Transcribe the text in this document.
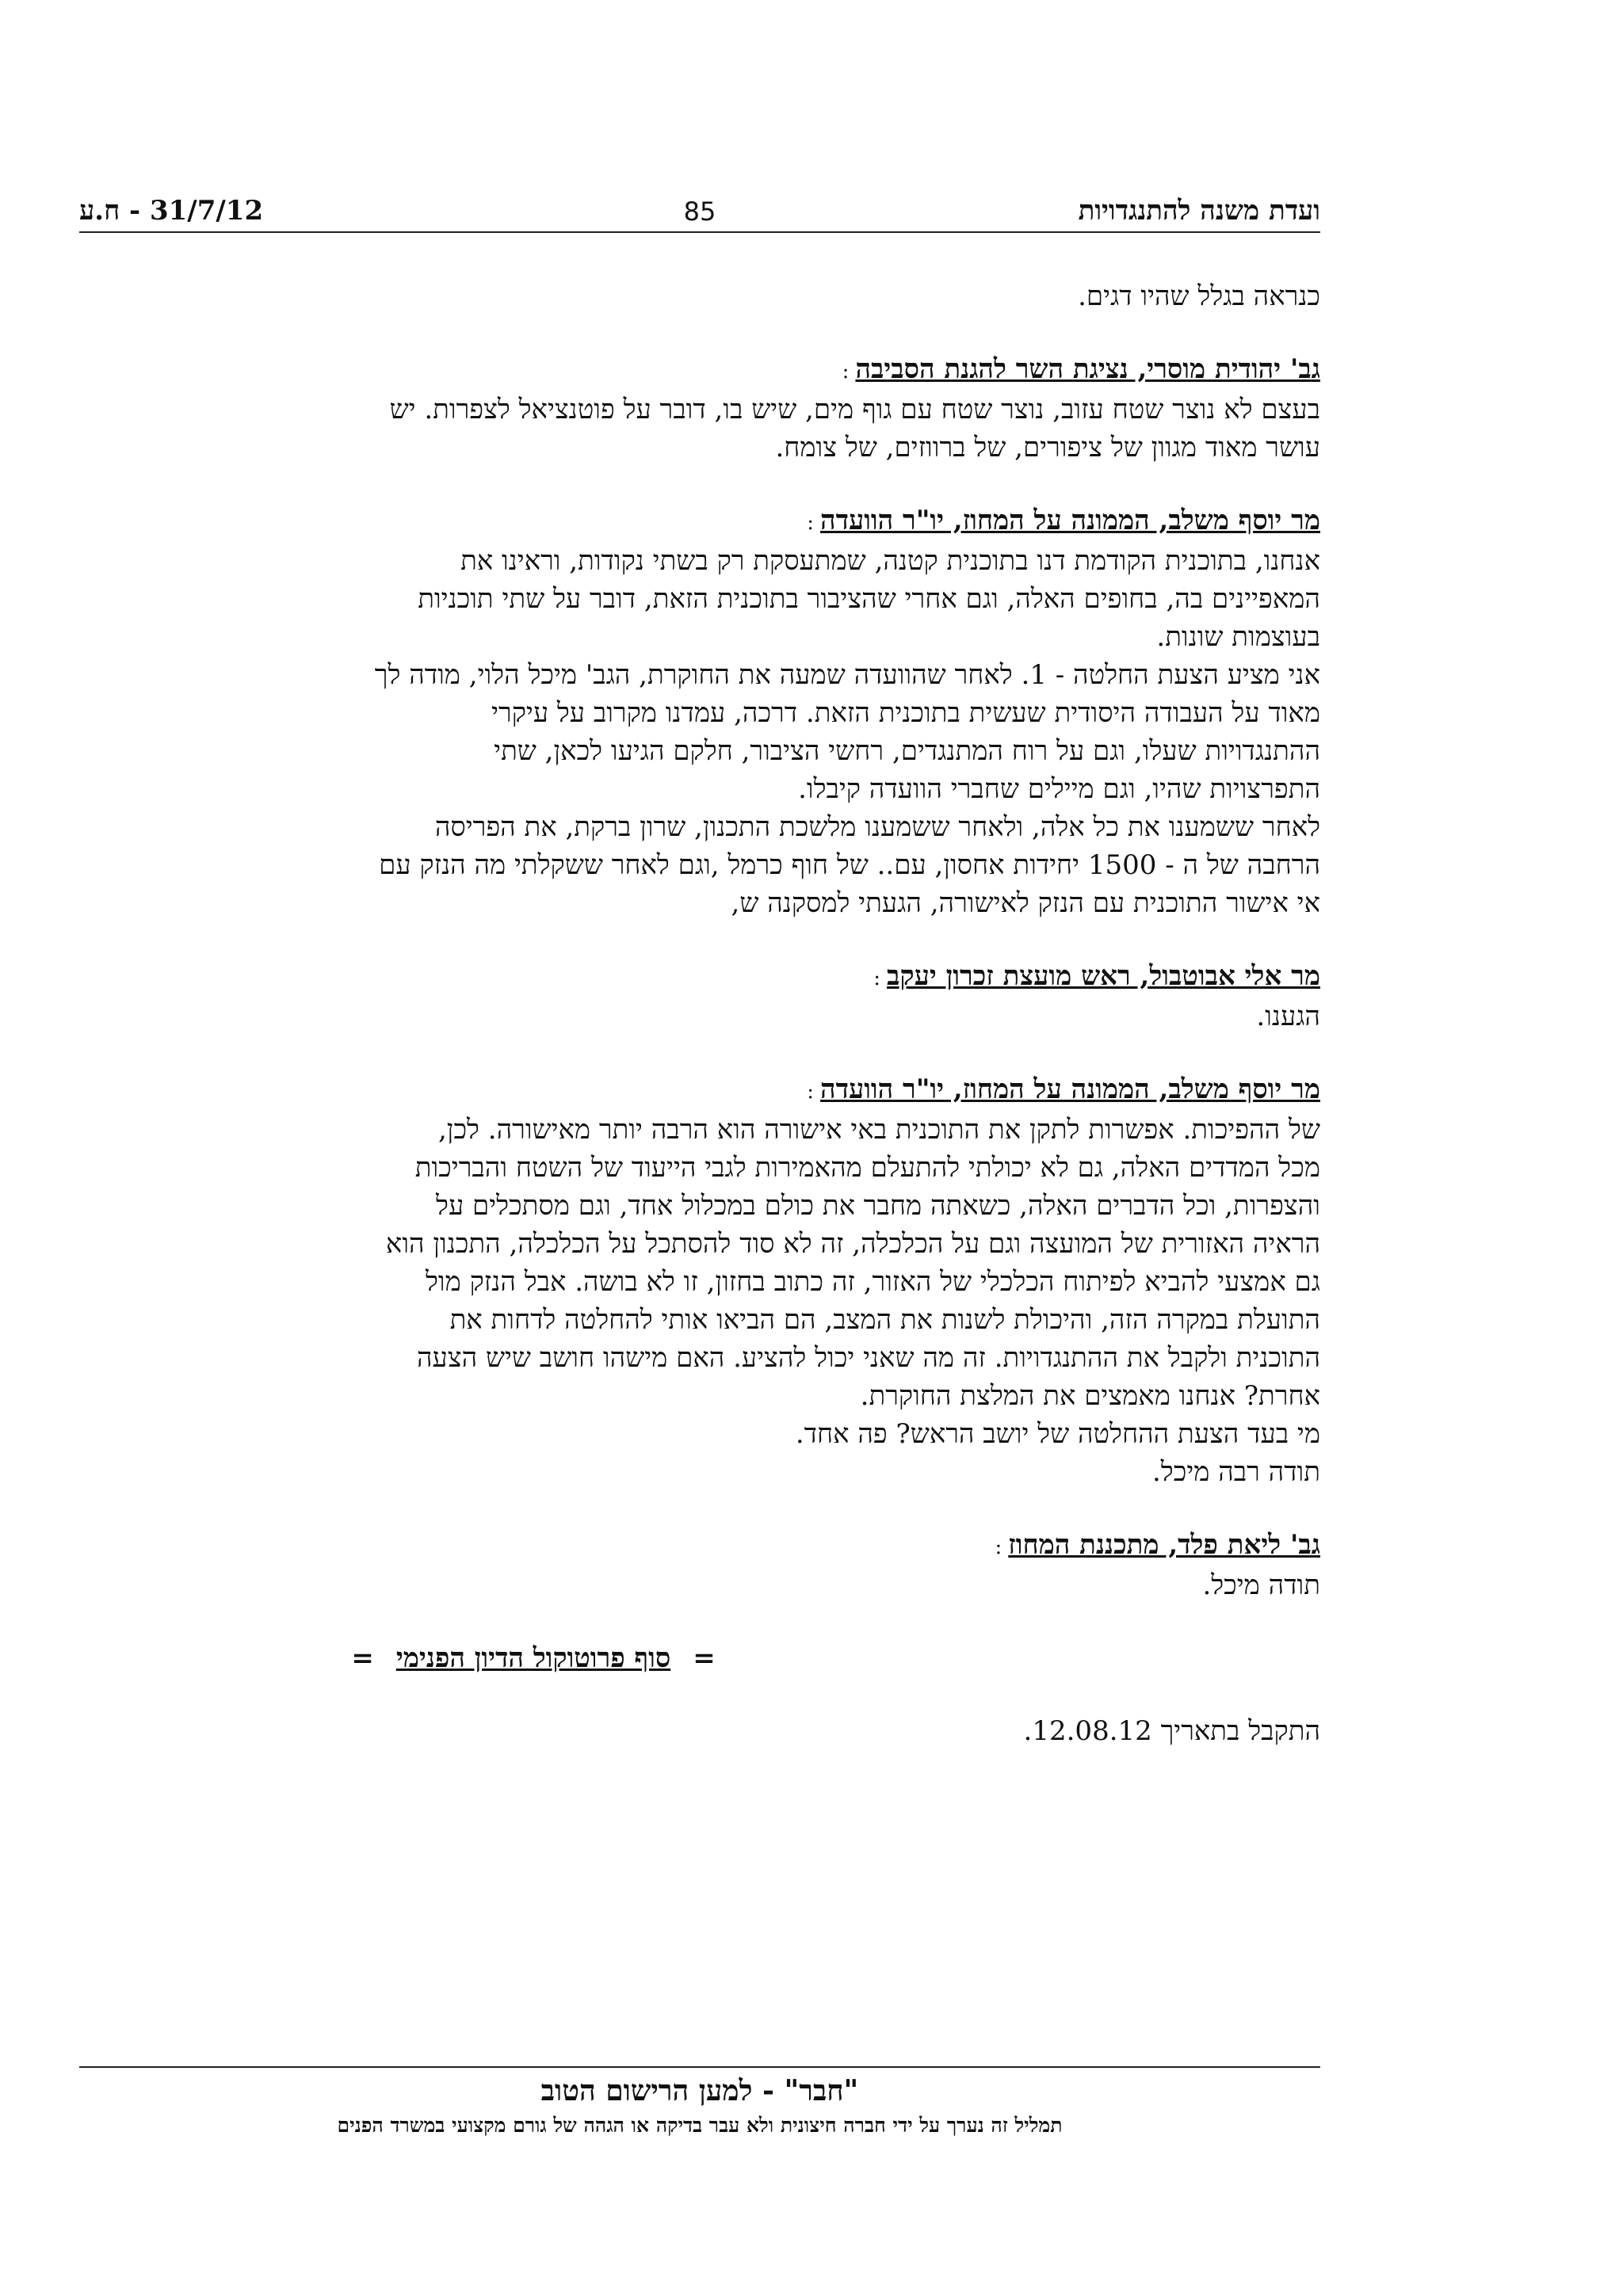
ועדת משנה להתנגדויות
85
31/7/12 - ח.ע
כנראה בגלל שהיו דגים.
גב' יהודית מוסרי, נציגת השר להגנת הסביבה:
בעצם לא נוצר שטח עזוב, נוצר שטח עם גוף מים, שיש בו, דובר על פוטנציאל לצפרות. יש
עושר מאוד מגוון של ציפורים, של ברווזים, של צומח.
מר יוסף משלב, הממונה על המחוז, יו"ר הוועדה:
אנחנו, בתוכנית הקודמת דנו בתוכנית קטנה, שמתעסקת רק בשתי נקודות, וראינו את
המאפיינים בה, בחופים האלה, וגם אחרי שהציבור בתוכנית הזאת, דובר על שתי תוכניות
בעוצמות שונות.
אני מציע הצעת החלטה - 1. לאחר שהוועדה שמעה את החוקרת, הגב' מיכל הלוי, מודה לך
מאוד על העבודה היסודית שעשית בתוכנית הזאת. דרכה, עמדנו מקרוב על עיקרי
ההתנגדויות שעלו, וגם על רוח המתנגדים, רחשי הציבור, חלקם הגיעו לכאן, שתי
התפרצויות שהיו, וגם מיילים שחברי הוועדה קיבלו.
לאחר ששמענו את כל אלה, ולאחר ששמענו מלשכת התכנון, שרון ברקת, את הפריסה
הרחבה של ה - 1500 יחידות אחסון, עם.. של חוף כרמל ,וגם לאחר ששקלתי מה הנזק עם
אי אישור התוכנית עם הנזק לאישורה, הגעתי למסקנה ש,
מר אלי אבוטבול, ראש מועצת זכרון יעקב:
הגענו.
מר יוסף משלב, הממונה על המחוז, יו"ר הוועדה:
של ההפיכות. אפשרות לתקן את התוכנית באי אישורה הוא הרבה יותר מאישורה. לכן,
מכל המדדים האלה, גם לא יכולתי להתעלם מהאמירות לגבי הייעוד של השטח והבריכות
והצפרות, וכל הדברים האלה, כשאתה מחבר את כולם במכלול אחד, וגם מסתכלים על
הראיה האזורית של המועצה וגם על הכלכלה, זה לא סוד להסתכל על הכלכלה, התכנון הוא
גם אמצעי להביא לפיתוח הכלכלי של האזור, זה כתוב בחזון, זו לא בושה. אבל הנזק מול
התועלת במקרה הזה, והיכולת לשנות את המצב, הם הביאו אותי להחלטה לדחות את
התוכנית ולקבל את ההתנגדויות. זה מה שאני יכול להציע. האם מישהו חושב שיש הצעה
אחרת? אנחנו מאמצים את המלצת החוקרת.
מי בעד הצעת ההחלטה של יושב הראש? פה אחד.
תודה רבה מיכל.
גב' ליאת פלד, מתכננת המחוז:
תודה מיכל.
=סוף פרוטוקול הדיון הפנימי=
התקבל בתאריך 12.08.12.
"חבר" - למען הרישום הטוב
תמליל זה נערך על ידי חברה חיצונית ולא עבר בדיקה או הגהה של גורם מקצועי במשרד הפנים
